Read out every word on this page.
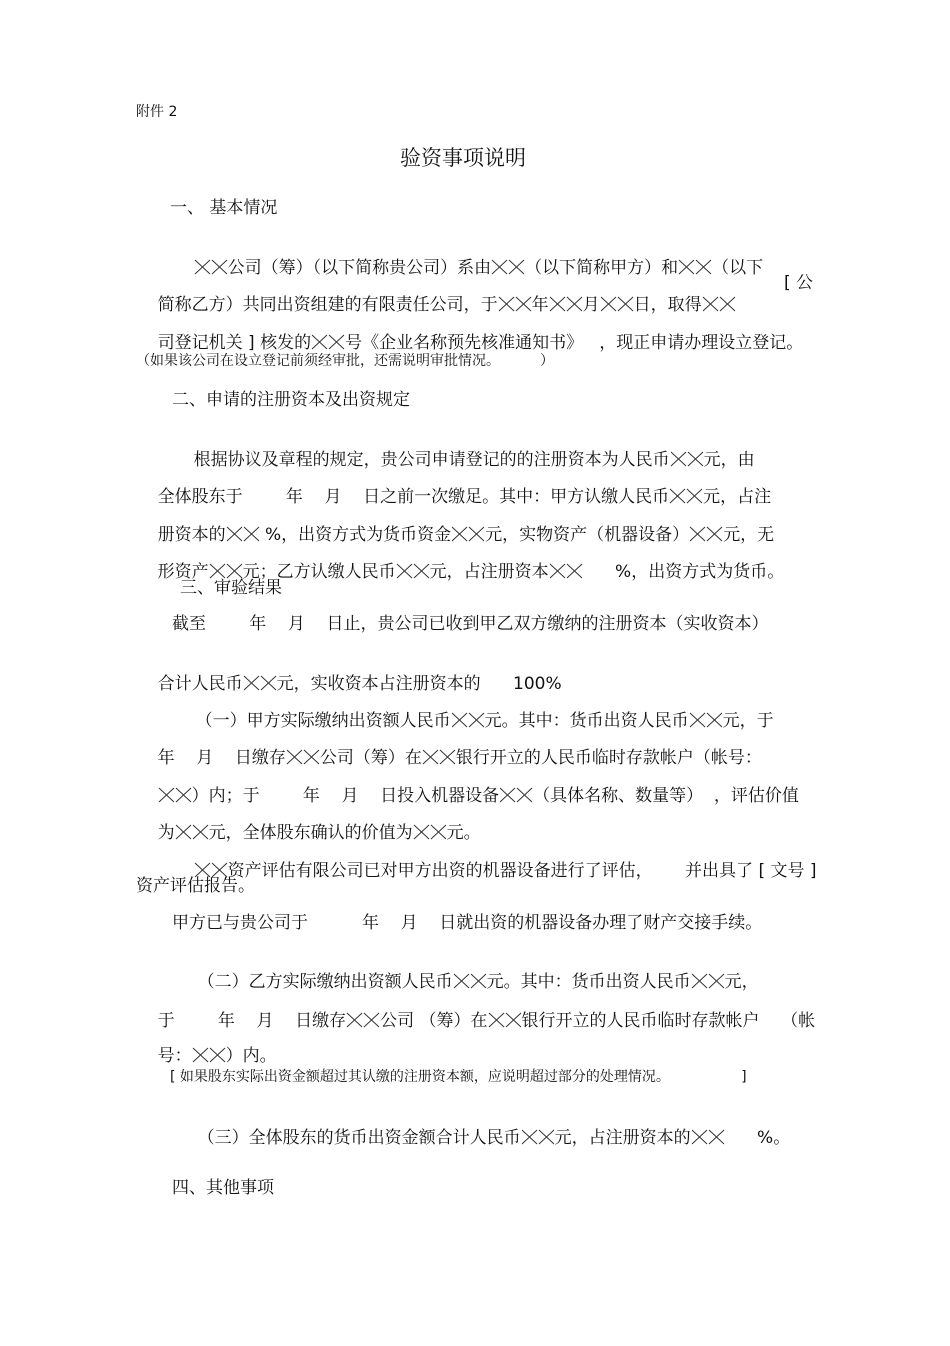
附件 2
验资事项说明
一、 基本情况

公司（筹）（以下简称贵公司）系由 （以下简称甲方）和 （以下

简称乙方）共同出资组建的有限责任公司，于 年 月 日，取得

[ 公

司登记机关 ] 核发的 号《企业名称预先核准通知书》   ，现正申请办理设立登记。

（如果该公司在设立登记前须经审批，还需说明审批情况。         ）
二、申请的注册资本及出资规定

根据协议及章程的规定，贵公司申请登记的的注册资本为人民币 元，由

全体股东于        年    月    日之前一次缴足。其中：甲方认缴人民币 元，占注

册资本的
%，出资方式为货币资金 元，实物资产（机器设备） 元，无

形资产 元；乙方认缴人民币 元，占注册资本
%，出资方式为货币。

三、审验结果
截至        年    月    日止，贵公司已收到甲乙双方缴纳的注册资本（实收资本）

合计人民币 元，实收资本占注册资本的      100%

（一）甲方实际缴纳出资额人民币 元。其中：货币出资人民币 元，于

年    月    日缴存 公司（筹）在 银行开立的人民币临时存款帐户（帐号：

）内；于        年    月    日投入机器设备 （具体名称、数量等）  ，评估价值

为 元，全体股东确认的价值为 元。

资产评估有限公司已对甲方出资的机器设备进行了评估，      并出具了 [ 文号 ]

资产评估报告。
甲方已与贵公司于          年    月    日就出资的机器设备办理了财产交接手续。

（二）乙方实际缴纳出资额人民币 元。其中：货币出资人民币 元，

于        年    月    日缴存 公司 （筹）在 银行开立的人民币临时存款帐户    （帐

号： ）内。

[ 如果股东实际出资金额超过其认缴的注册资本额，应说明超过部分的处理情况。                ]

（三）全体股东的货币出资金额合计人民币 元，占注册资本的
%。

四、其他事项
